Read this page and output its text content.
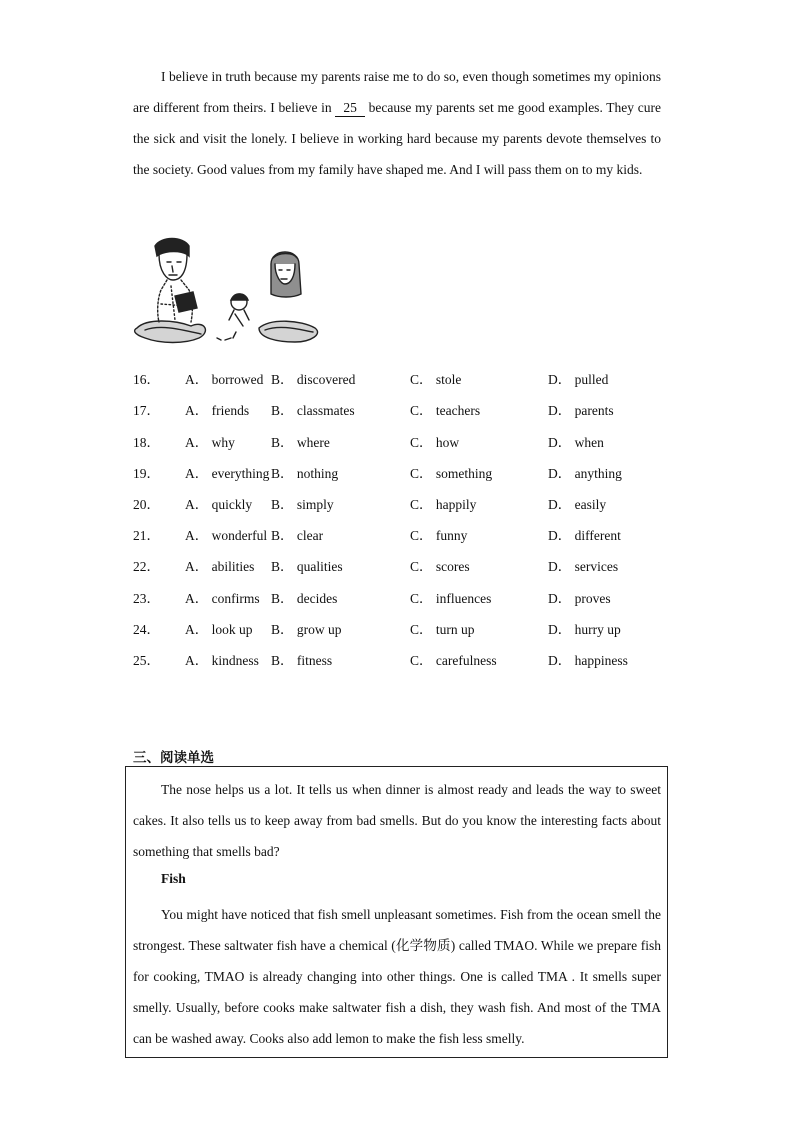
I believe in truth because my parents raise me to do so, even though sometimes my opinions are different from theirs. I believe in 25 because my parents set me good examples. They cure the sick and visit the lonely. I believe in working hard because my parents devote themselves to the society. Good values from my family have shaped me. And I will pass them on to my kids.

16． A． borrowed B． discovered	C． stole	D． pulled
17． A． friends B． classmates	C． teachers	D． parents
18． A． why	B． where	C． how	D． when
19． A． everything B． nothing	C． something	D． anything
20． A． quickly B． simply	C． happily	D． easily
21． A． wonderful B． clear	C． funny	D． different
22． A． abilities B． qualities	C． scores	D． services
23． A． confirms B． decides	C． influences	D． proves
24． A． look up B． grow up	C． turn up	D． hurry up
25． A． kindness B． fitness	C． carefulness	D． happiness
三、阅读单选

The nose helps us a lot. It tells us when dinner is almost ready and leads the way to sweet cakes. It also tells us to keep away from bad smells. But do you know the interesting facts about something that smells bad?

Fish

You might have noticed that fish smell unpleasant sometimes. Fish from the ocean smell the strongest. These saltwater fish have a chemical (化学物质) called TMAO. While we prepare fish for cooking, TMAO is already changing into other things. One is called TMA . It smells super smelly. Usually, before cooks make saltwater fish a dish, they wash fish. And most of the TMA can be washed away. Cooks also add lemon to make the fish less smelly.
